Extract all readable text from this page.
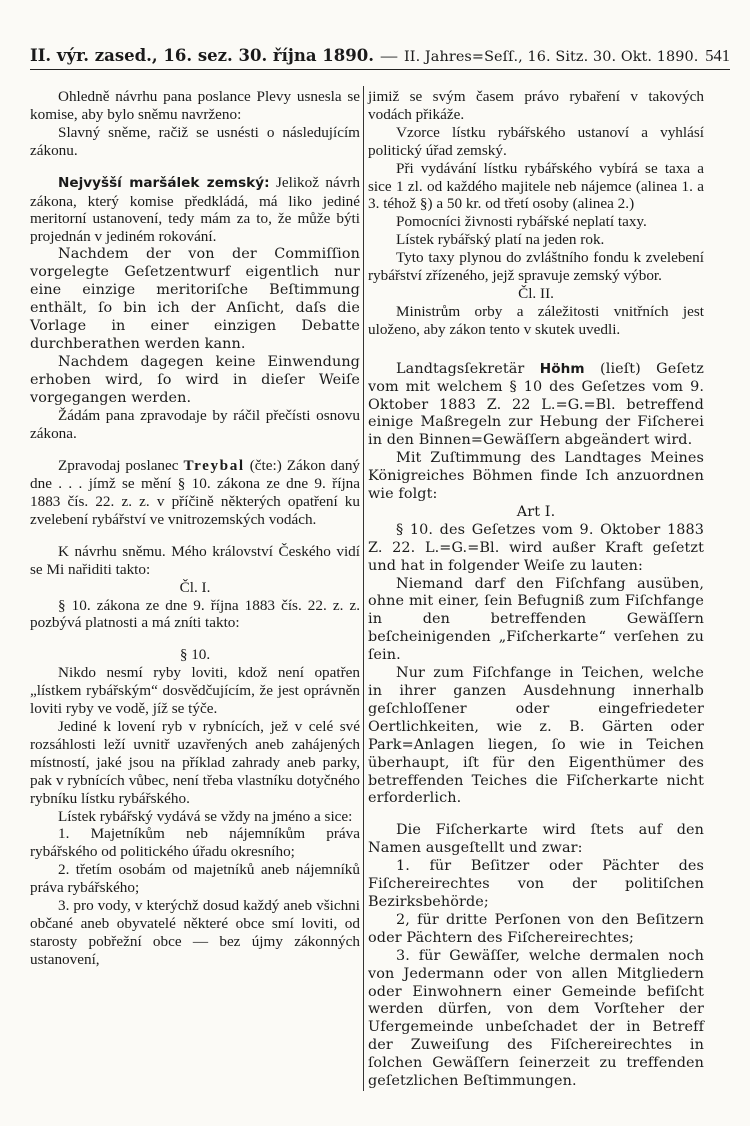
II. výr. zased., 16. sez. 30. října 1890. — II. Jahres=Seſſ., 16. Sitz. 30. Okt. 1890. 541

Ohledně návrhu pana poslance Plevy usnesla se komise, aby bylo sněmu navrženo:

Slavný sněme, račiž se usnésti o následujícím zákonu.

Nejvyšší maršálek zemský: Jelikož návrh zákona, který komise předkládá, má liko jediné meritorní ustanovení, tedy mám za to, že může býti projednán v jediném rokování.

Nachdem der von der Commiſſion vorgelegte Geſetzentwurf eigentlich nur eine einzige meritoriſche Beſtimmung enthält, ſo bin ich der Anſicht, daſs die Vorlage in einer einzigen Debatte durchberathen werden kann.

Nachdem dagegen keine Einwendung erhoben wird, ſo wird in dieſer Weiſe vorgegangen werden.

Žádám pana zpravodaje by ráčil přečísti osnovu zákona.

Zpravodaj poslanec Treybal (čte:) Zákon daný dne . . . jímž se mění § 10. zákona ze dne 9. října 1883 čís. 22. z. z. v příčině některých opatření ku zvelebení rybářství ve vnitrozemských vodách.

K návrhu sněmu. Mého království Českého vidí se Mi nařiditi takto:

Čl. I.

§ 10. zákona ze dne 9. října 1883 čís. 22. z. z. pozbývá platnosti a má zníti takto:

§ 10.

Nikdo nesmí ryby loviti, kdož není opatřen „lístkem rybářským“ dosvědčujícím, že jest oprávněn loviti ryby ve vodě, jíž se týče.

Jediné k lovení ryb v rybnících, jež v celé své rozsáhlosti leží uvnitř uzavřených aneb zahájených místností, jaké jsou na příklad zahrady aneb parky, pak v rybnících vůbec, není třeba vlastníku dotyčného rybníku lístku rybářského.

Lístek rybářský vydává se vždy na jméno a sice:

1. Majetníkům neb nájemníkům práva rybářského od politického úřadu okresního;

2. třetím osobám od majetníků aneb nájemníků práva rybářského;

3. pro vody, v kterýchž dosud každý aneb všichni občané aneb obyvatelé některé obce smí loviti, od starosty pobřežní obce — bez újmy zákonných ustanovení,

jimiž se svým časem právo rybaření v takových vodách přikáže.

Vzorce lístku rybářského ustanoví a vyhlásí politický úřad zemský.

Při vydávání lístku rybářského vybírá se taxa a sice 1 zl. od každého majitele neb nájemce (alinea 1. a 3. téhož §) a 50 kr. od třetí osoby (alinea 2.)

Pomocníci živnosti rybářské neplatí taxy.

Lístek rybářský platí na jeden rok.

Tyto taxy plynou do zvláštního fondu k zvelebení rybářství zřízeného, jejž spravuje zemský výbor.

Čl. II.

Ministrům orby a záležitosti vnitřních jest uloženo, aby zákon tento v skutek uvedli.

Landtagsſekretär Höhm (lieſt) Geſetz vom mit welchem § 10 des Geſetzes vom 9. Oktober 1883 Z. 22 L.=G.=Bl. betreffend einige Maßregeln zur Hebung der Fiſcherei in den Binnen=Gewäſſern abgeändert wird.

Mit Zuſtimmung des Landtages Meines Königreiches Böhmen finde Ich anzuordnen wie folgt:

Art I.

§ 10. des Geſetzes vom 9. Oktober 1883 Z. 22. L.=G.=Bl. wird außer Kraft geſetzt und hat in folgender Weiſe zu lauten:

Niemand darf den Fiſchfang ausüben, ohne mit einer, ſein Befugniß zum Fiſchfange in den betreffenden Gewäſſern beſcheinigenden „Fiſcherkarte“ verſehen zu ſein.

Nur zum Fiſchfange in Teichen, welche in ihrer ganzen Ausdehnung innerhalb geſchloſſener oder eingefriedeter Oertlichkeiten, wie z. B. Gärten oder Park=Anlagen liegen, ſo wie in Teichen überhaupt, iſt für den Eigenthümer des betreffenden Teiches die Fiſcherkarte nicht erforderlich.

Die Fiſcherkarte wird ſtets auf den Namen ausgeſtellt und zwar:

1. für Beſitzer oder Pächter des Fiſchereirechtes von der politiſchen Bezirksbehörde;

2, für dritte Perſonen von den Beſitzern oder Pächtern des Fiſchereirechtes;

3. für Gewäſſer, welche dermalen noch von Jedermann oder von allen Mitgliedern oder Einwohnern einer Gemeinde befiſcht werden dürfen, von dem Vorſteher der Ufergemeinde unbeſchadet der in Betreff der Zuweiſung des Fiſchereirechtes in ſolchen Gewäſſern ſeinerzeit zu treffenden geſetzlichen Beſtimmungen.
